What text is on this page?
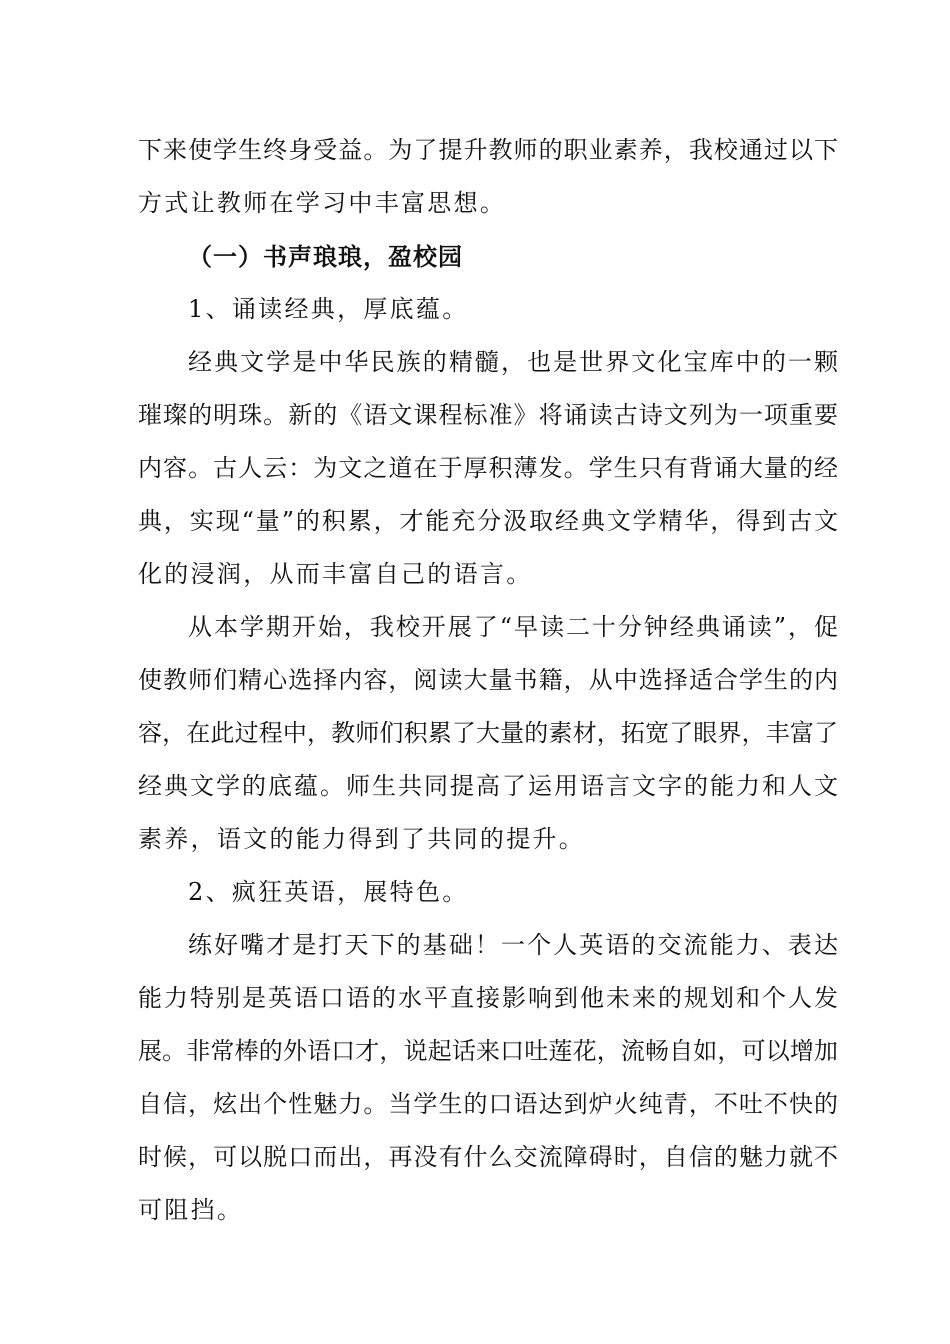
下来使学生终身受益。为了提升教师的职业素养，我校通过以下
方式让教师在学习中丰富思想。
（一）书声琅琅，盈校园
1、诵读经典，厚底蕴。
经典文学是中华民族的精髓，也是世界文化宝库中的一颗
璀璨的明珠。新的《语文课程标准》将诵读古诗文列为一项重要
内容。古人云：为文之道在于厚积薄发。学生只有背诵大量的经
典，实现“量”的积累，才能充分汲取经典文学精华，得到古文
化的浸润，从而丰富自己的语言。
从本学期开始，我校开展了“早读二十分钟经典诵读”，促
使教师们精心选择内容，阅读大量书籍，从中选择适合学生的内
容，在此过程中，教师们积累了大量的素材，拓宽了眼界，丰富了
经典文学的底蕴。师生共同提高了运用语言文字的能力和人文
素养，语文的能力得到了共同的提升。
2、疯狂英语，展特色。
练好嘴才是打天下的基础！一个人英语的交流能力、表达
能力特别是英语口语的水平直接影响到他未来的规划和个人发
展。非常棒的外语口才，说起话来口吐莲花，流畅自如，可以增加
自信，炫出个性魅力。当学生的口语达到炉火纯青，不吐不快的
时候，可以脱口而出，再没有什么交流障碍时，自信的魅力就不
可阻挡。
